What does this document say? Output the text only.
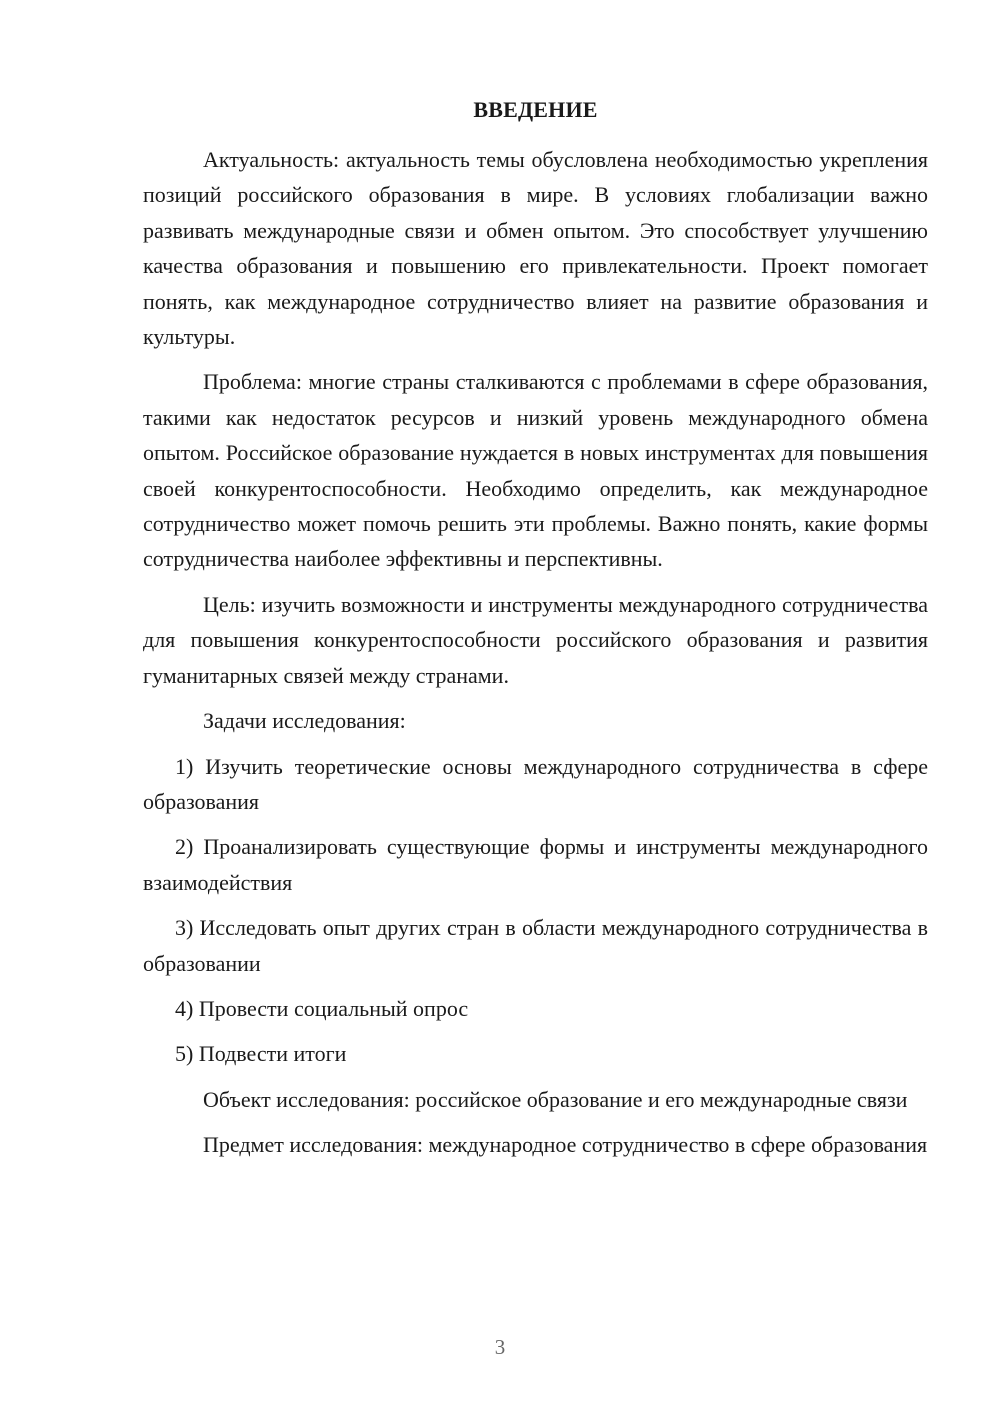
ВВЕДЕНИЕ

Актуальность: актуальность темы обусловлена необходимостью укрепления позиций российского образования в мире. В условиях глобализации важно развивать международные связи и обмен опытом. Это способствует улучшению качества образования и повышению его привлекательности. Проект помогает понять, как международное сотрудничество влияет на развитие образования и культуры.

Проблема: многие страны сталкиваются с проблемами в сфере образования, такими как недостаток ресурсов и низкий уровень международного обмена опытом. Российское образование нуждается в новых инструментах для повышения своей конкурентоспособности. Необходимо определить, как международное сотрудничество может помочь решить эти проблемы. Важно понять, какие формы сотрудничества наиболее эффективны и перспективны.

Цель: изучить возможности и инструменты международного сотрудничества для повышения конкурентоспособности российского образования и развития гуманитарных связей между странами.

Задачи исследования:

1) Изучить теоретические основы международного сотрудничества в сфере образования

2) Проанализировать существующие формы и инструменты международного взаимодействия

3) Исследовать опыт других стран в области международного сотрудничества в образовании

4) Провести социальный опрос

5) Подвести итоги

Объект исследования: российское образование и его международные связи

Предмет исследования: международное сотрудничество в сфере образования

3
